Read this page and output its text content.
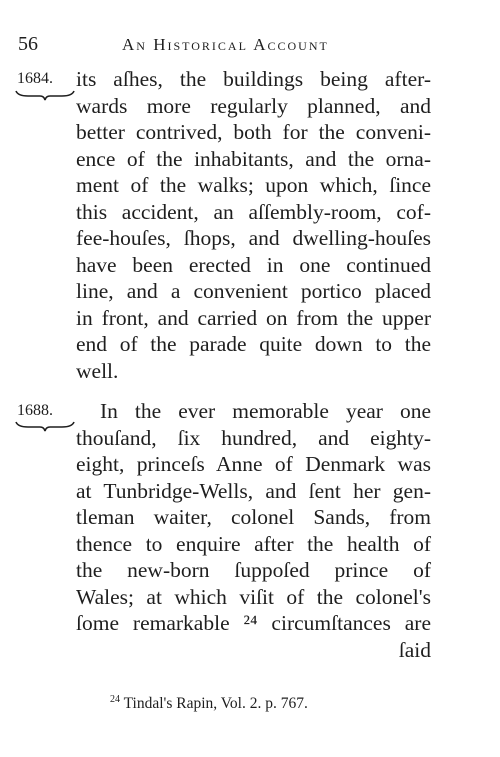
56	An Historical Account
1684. its aſhes, the buildings being after-
wards more regularly planned, and
better contrived, both for the conveni-
ence of the inhabitants, and the orna-
ment of the walks; upon which, ſince
this accident, an aſſembly-room, cof-
fee-houſes, ſhops, and dwelling-houſes
have been erected in one continued
line, and a convenient portico placed
in front, and carried on from the upper
end of the parade quite down to the
well.
1688.	In the ever memorable year one
thouſand, ſix hundred, and eighty-
eight, princeſs Anne of Denmark was
at Tunbridge-Wells, and ſent her gen-
tleman waiter, colonel Sands, from
thence to enquire after the health of
the new-born ſuppoſed prince of
Wales; at which viſit of the colonel's
ſome remarkable ²⁴ circumſtances are
ſaid
$^{24}$ Tindal's Rapin, Vol. 2. p. 767.
